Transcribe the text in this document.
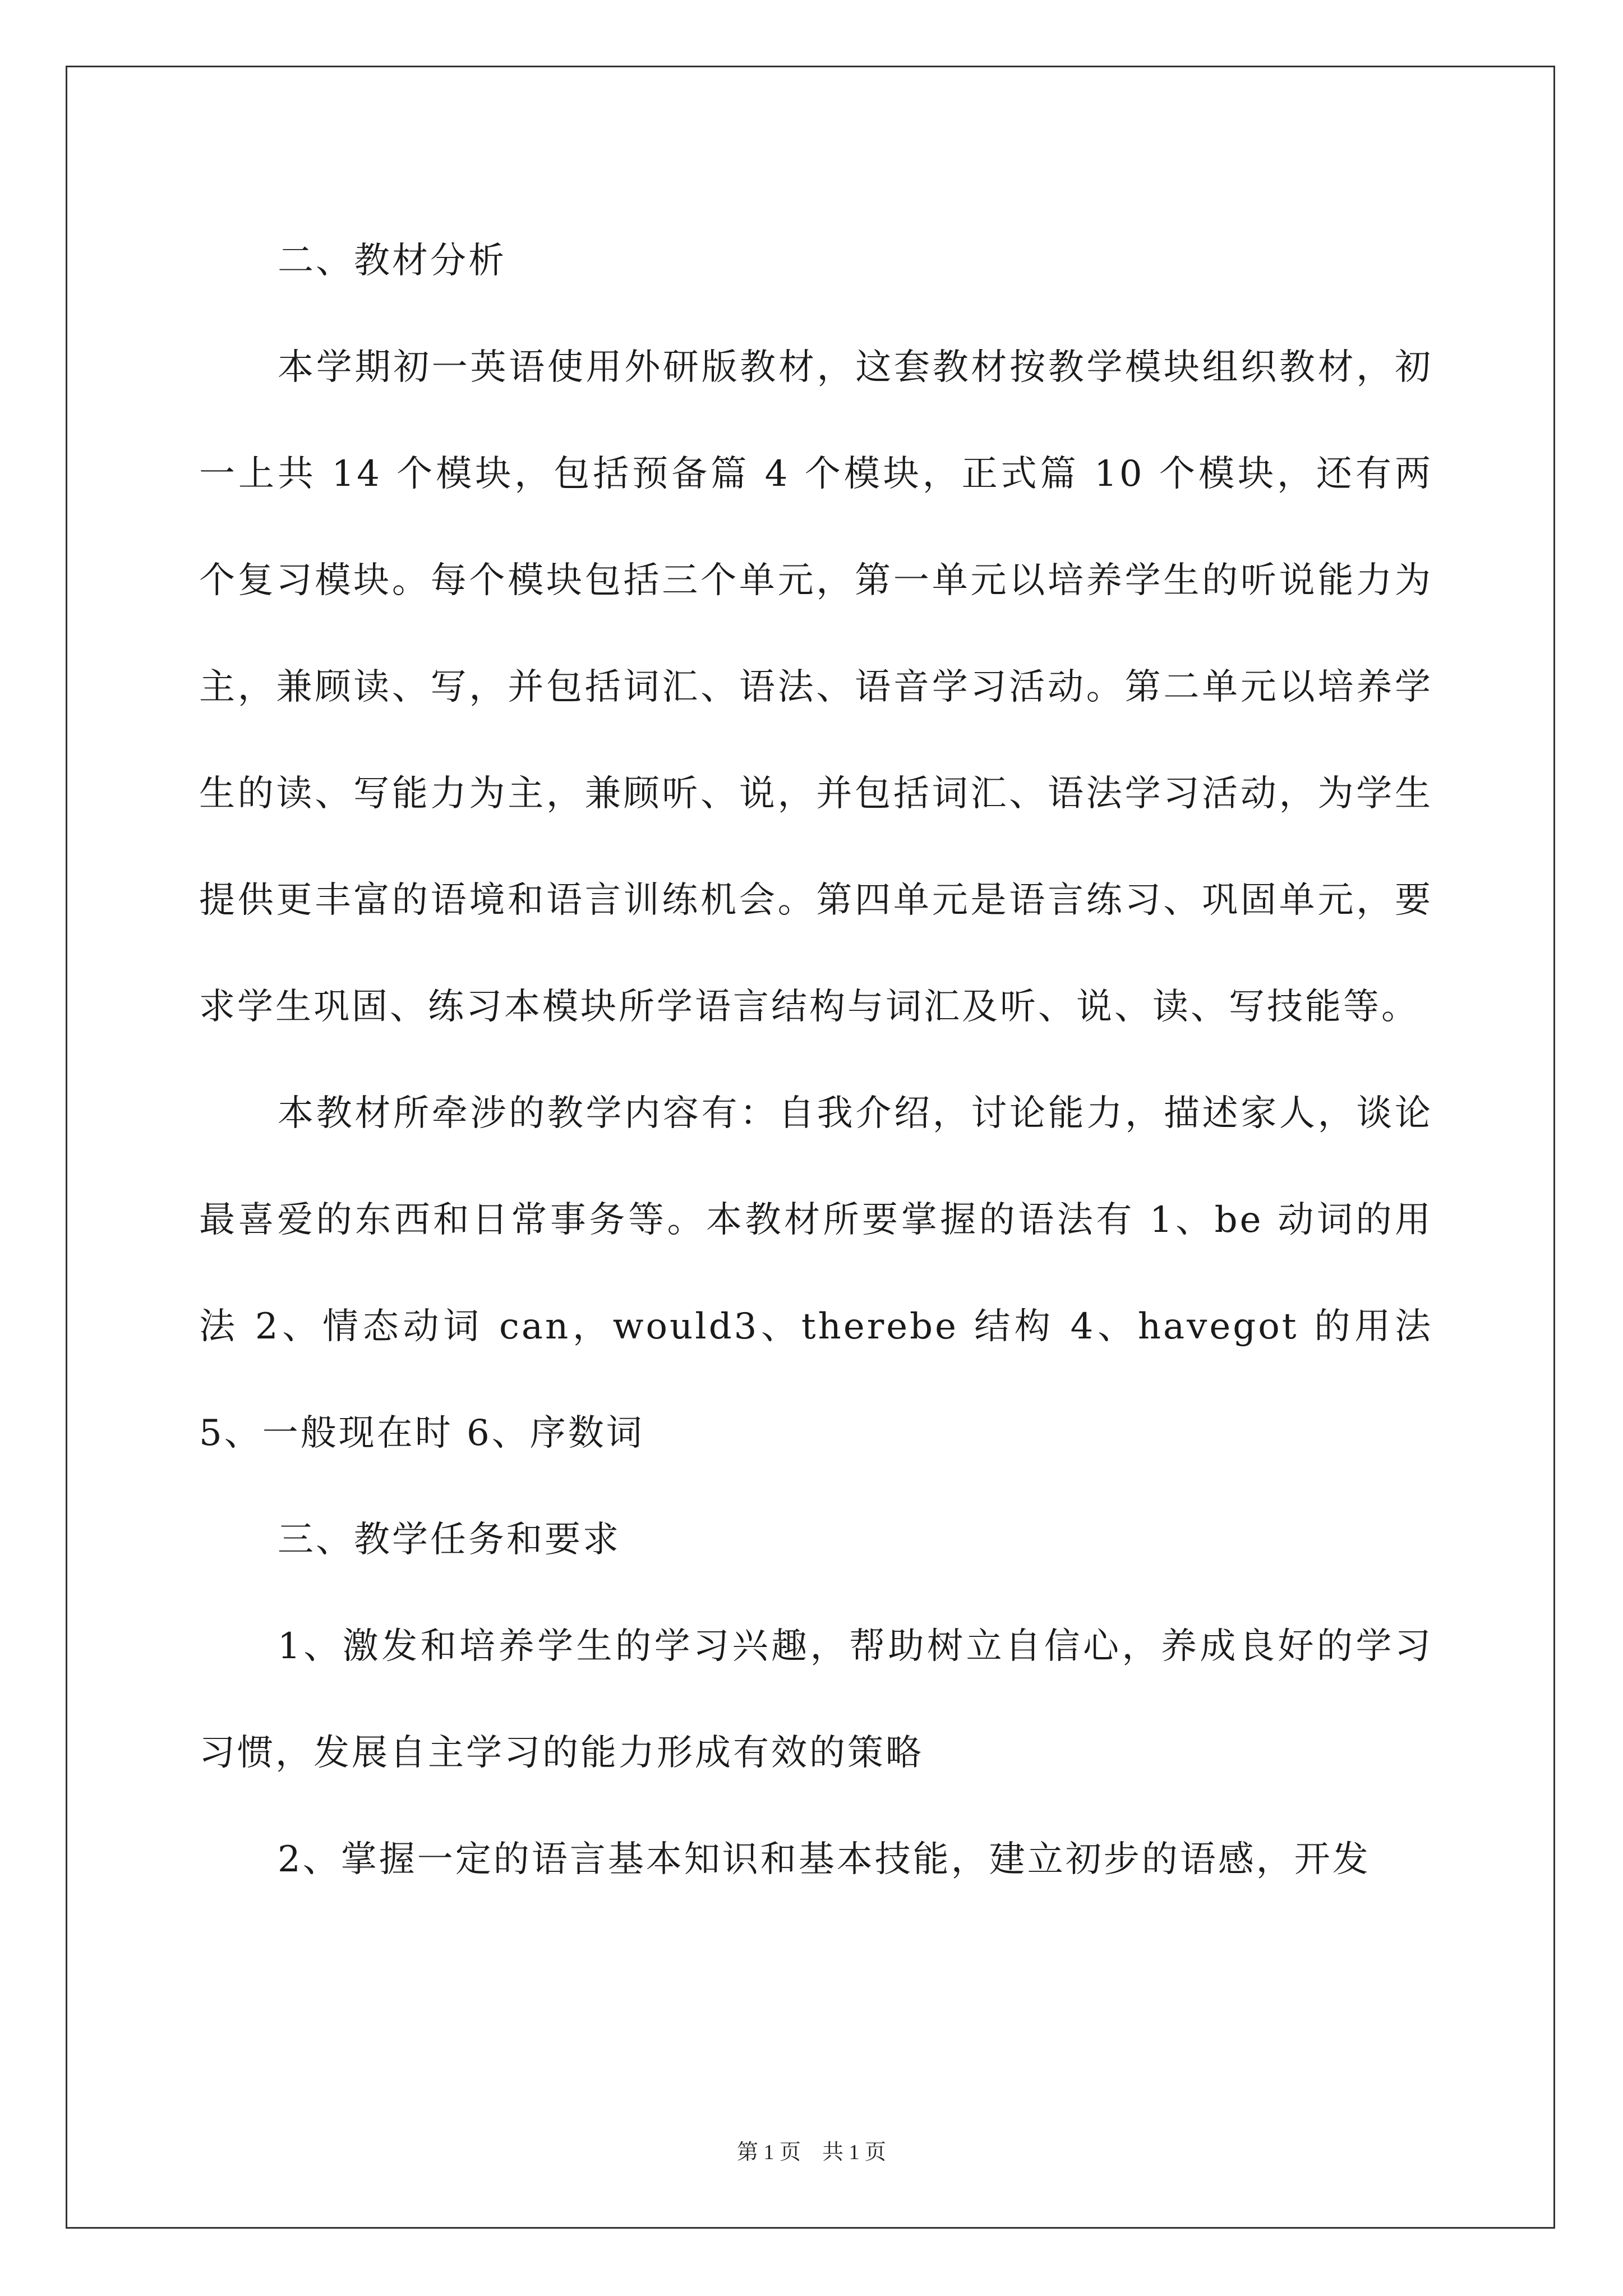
二、教材分析

本学期初一英语使用外研版教材，这套教材按教学模块组织教材，初一上共 14 个模块，包括预备篇 4 个模块，正式篇 10 个模块，还有两个复习模块。每个模块包括三个单元，第一单元以培养学生的听说能力为主，兼顾读、写，并包括词汇、语法、语音学习活动。第二单元以培养学生的读、写能力为主，兼顾听、说，并包括词汇、语法学习活动，为学生提供更丰富的语境和语言训练机会。第四单元是语言练习、巩固单元，要求学生巩固、练习本模块所学语言结构与词汇及听、说、读、写技能等。

本教材所牵涉的教学内容有：自我介绍，讨论能力，描述家人，谈论最喜爱的东西和日常事务等。本教材所要掌握的语法有 1、be 动词的用法 2、情态动词 can，would3、therebe 结构 4、havegot 的用法 5、一般现在时 6、序数词

三、教学任务和要求

1、激发和培养学生的学习兴趣，帮助树立自信心，养成良好的学习习惯，发展自主学习的能力形成有效的策略

2、掌握一定的语言基本知识和基本技能，建立初步的语感，开发

第 1 页　共 1 页
